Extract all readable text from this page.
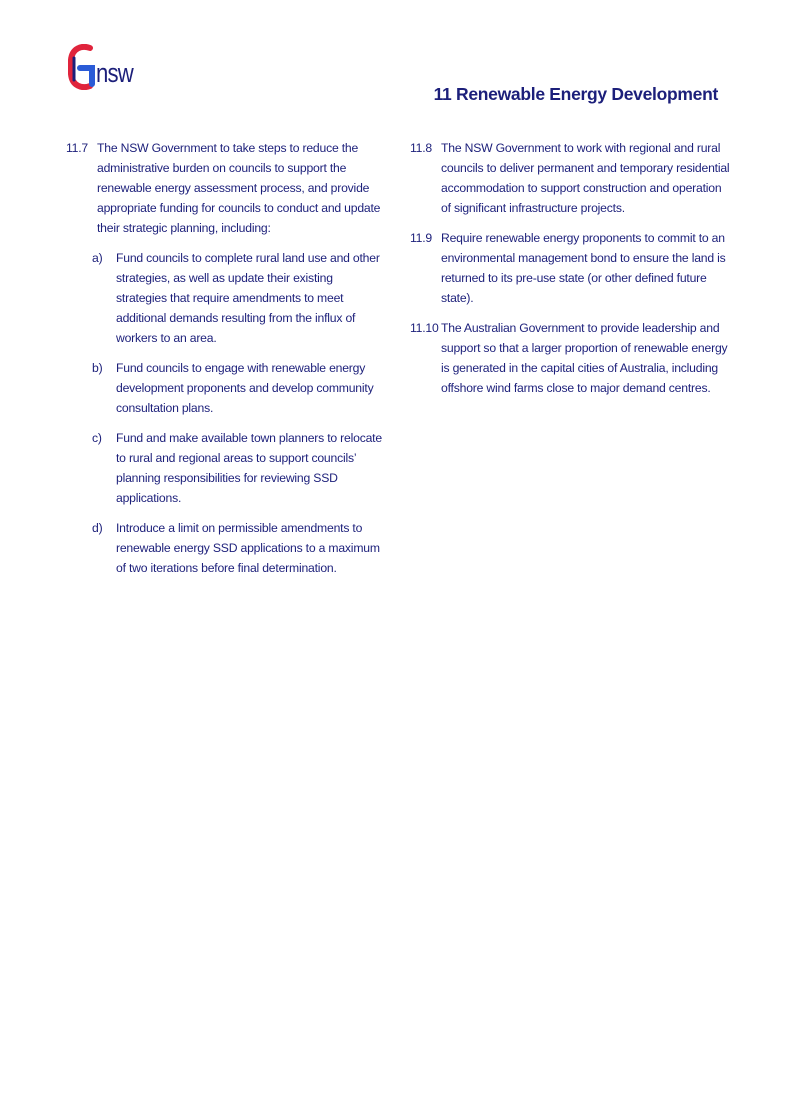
nsw
11 Renewable Energy Development
11.7 The NSW Government to take steps to reduce the administrative burden on councils to support the renewable energy assessment process, and provide appropriate funding for councils to conduct and update their strategic planning, including:
a) Fund councils to complete rural land use and other strategies, as well as update their existing strategies that require amendments to meet additional demands resulting from the influx of workers to an area.
b) Fund councils to engage with renewable energy development proponents and develop community consultation plans.
c) Fund and make available town planners to relocate to rural and regional areas to support councils’ planning responsibilities for reviewing SSD applications.
d) Introduce a limit on permissible amendments to renewable energy SSD applications to a maximum of two iterations before final determination.
11.8 The NSW Government to work with regional and rural councils to deliver permanent and temporary residential accommodation to support construction and operation of significant infrastructure projects.
11.9 Require renewable energy proponents to commit to an environmental management bond to ensure the land is returned to its pre-use state (or other defined future state).
11.10 The Australian Government to provide leadership and support so that a larger proportion of renewable energy is generated in the capital cities of Australia, including offshore wind farms close to major demand centres.
